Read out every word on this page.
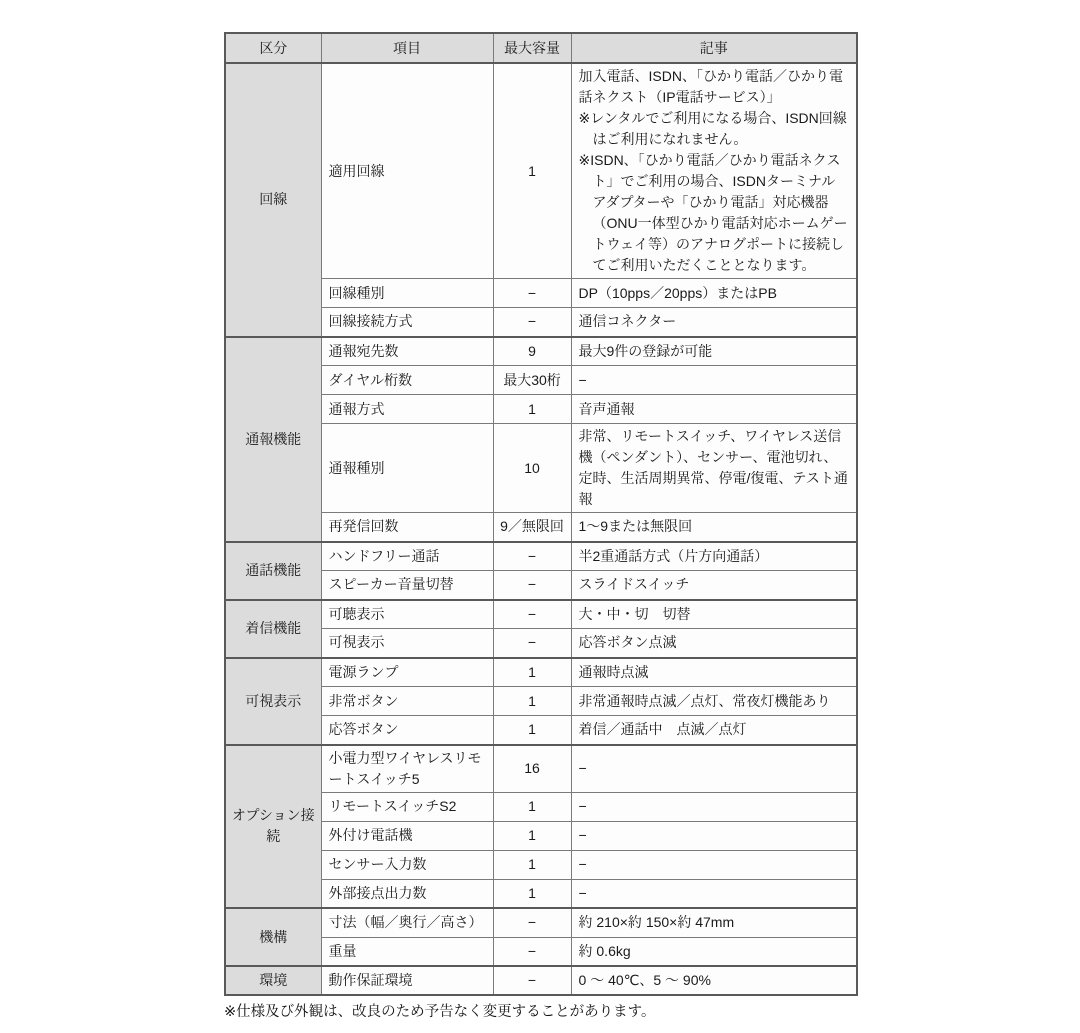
区分	項目	最大容量	記事
回線	適用回線	1	加入電話、ISDN、「ひかり電話／ひかり電話ネクスト（IP電話サービス）」
※レンタルでご利用になる場合、ISDN回線はご利用になれません。
※ISDN、「ひかり電話／ひかり電話ネクスト」でご利用の場合、ISDNターミナルアダプターや「ひかり電話」対応機器（ONU一体型ひかり電話対応ホームゲートウェイ等）のアナログポートに接続してご利用いただくこととなります。

	回線種別	−	DP（10pps／20pps）またはPB
	回線接続方式	−	通信コネクター
通報機能	通報宛先数	9	最大9件の登録が可能
	ダイヤル桁数	最大30桁	−
	通報方式	1	音声通報
	通報種別	10	非常、リモートスイッチ、ワイヤレス送信機（ペンダント）、センサー、電池切れ、定時、生活周期異常、停電/復電、テスト通報
	再発信回数	9／無限回	1～9または無限回
通話機能	ハンドフリー通話	−	半2重通話方式（片方向通話）
	スピーカー音量切替	−	スライドスイッチ
着信機能	可聴表示	−	大・中・切　切替
	可視表示	−	応答ボタン点滅
可視表示	電源ランプ	1	通報時点滅
	非常ボタン	1	非常通報時点滅／点灯、常夜灯機能あり
	応答ボタン	1	着信／通話中　点滅／点灯
オプション接続	小電力型ワイヤレスリモートスイッチ5	16	−
	リモートスイッチS2	1	−
	外付け電話機	1	−
	センサー入力数	1	−
	外部接点出力数	1	−
機構	寸法（幅／奥行／高さ）	−	約 210×約 150×約 47mm
	重量	−	約 0.6kg
環境	動作保証環境	−	0 ～ 40℃、5 ～ 90%
※仕様及び外観は、改良のため予告なく変更することがあります。
